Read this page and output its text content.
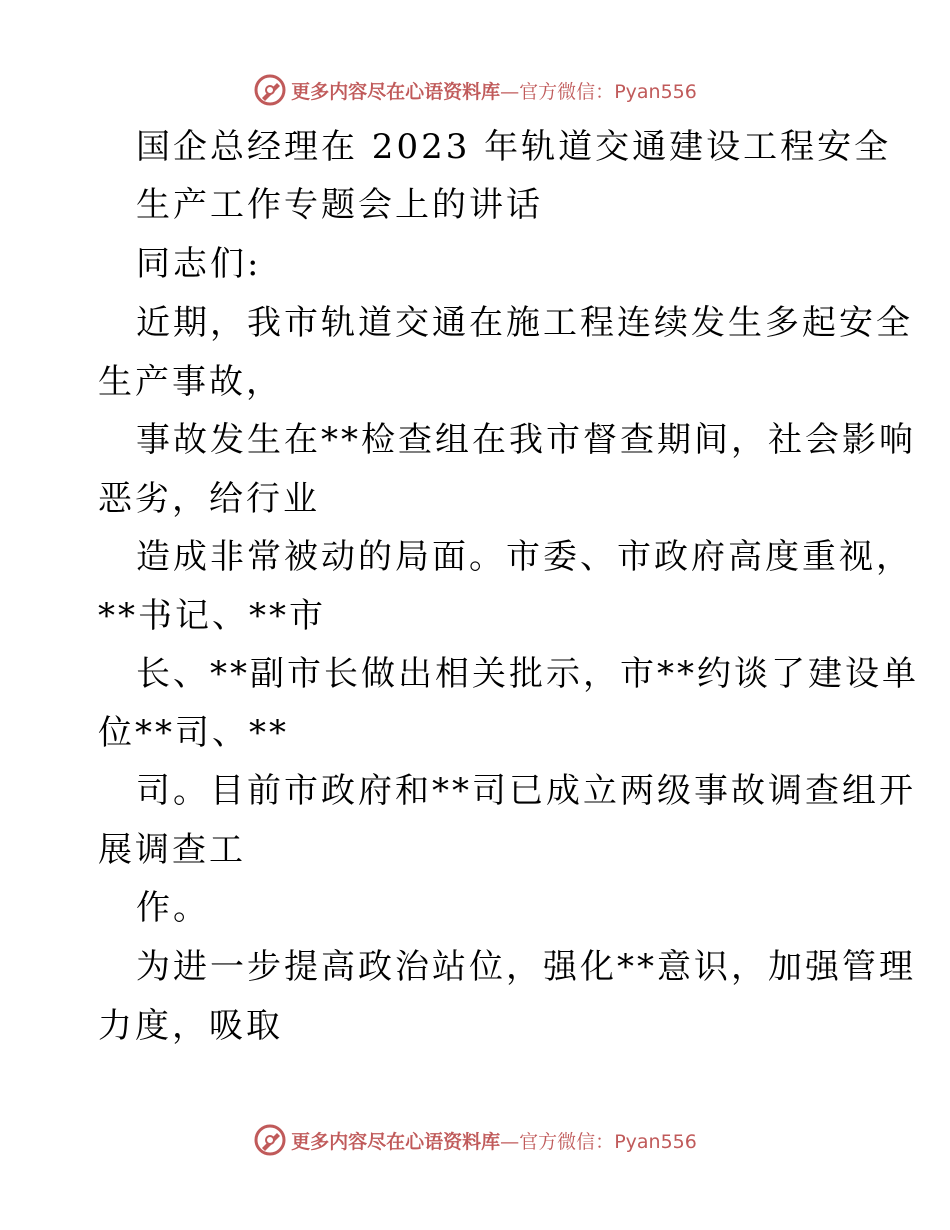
更多内容尽在心语资料库—官方微信：Pyan556
国企总经理在 2023 年轨道交通建设工程安全
生产工作专题会上的讲话
同志们:
近期，我市轨道交通在施工程连续发生多起安全
生产事故，
事故发生在**检查组在我市督查期间，社会影响
恶劣，给行业
造成非常被动的局面。市委、市政府高度重视，
**书记、**市
长、**副市长做出相关批示，市**约谈了建设单
位**司、**
司。目前市政府和**司已成立两级事故调查组开
展调查工
作。
为进一步提高政治站位，强化**意识，加强管理
力度，吸取
更多内容尽在心语资料库—官方微信：Pyan556
